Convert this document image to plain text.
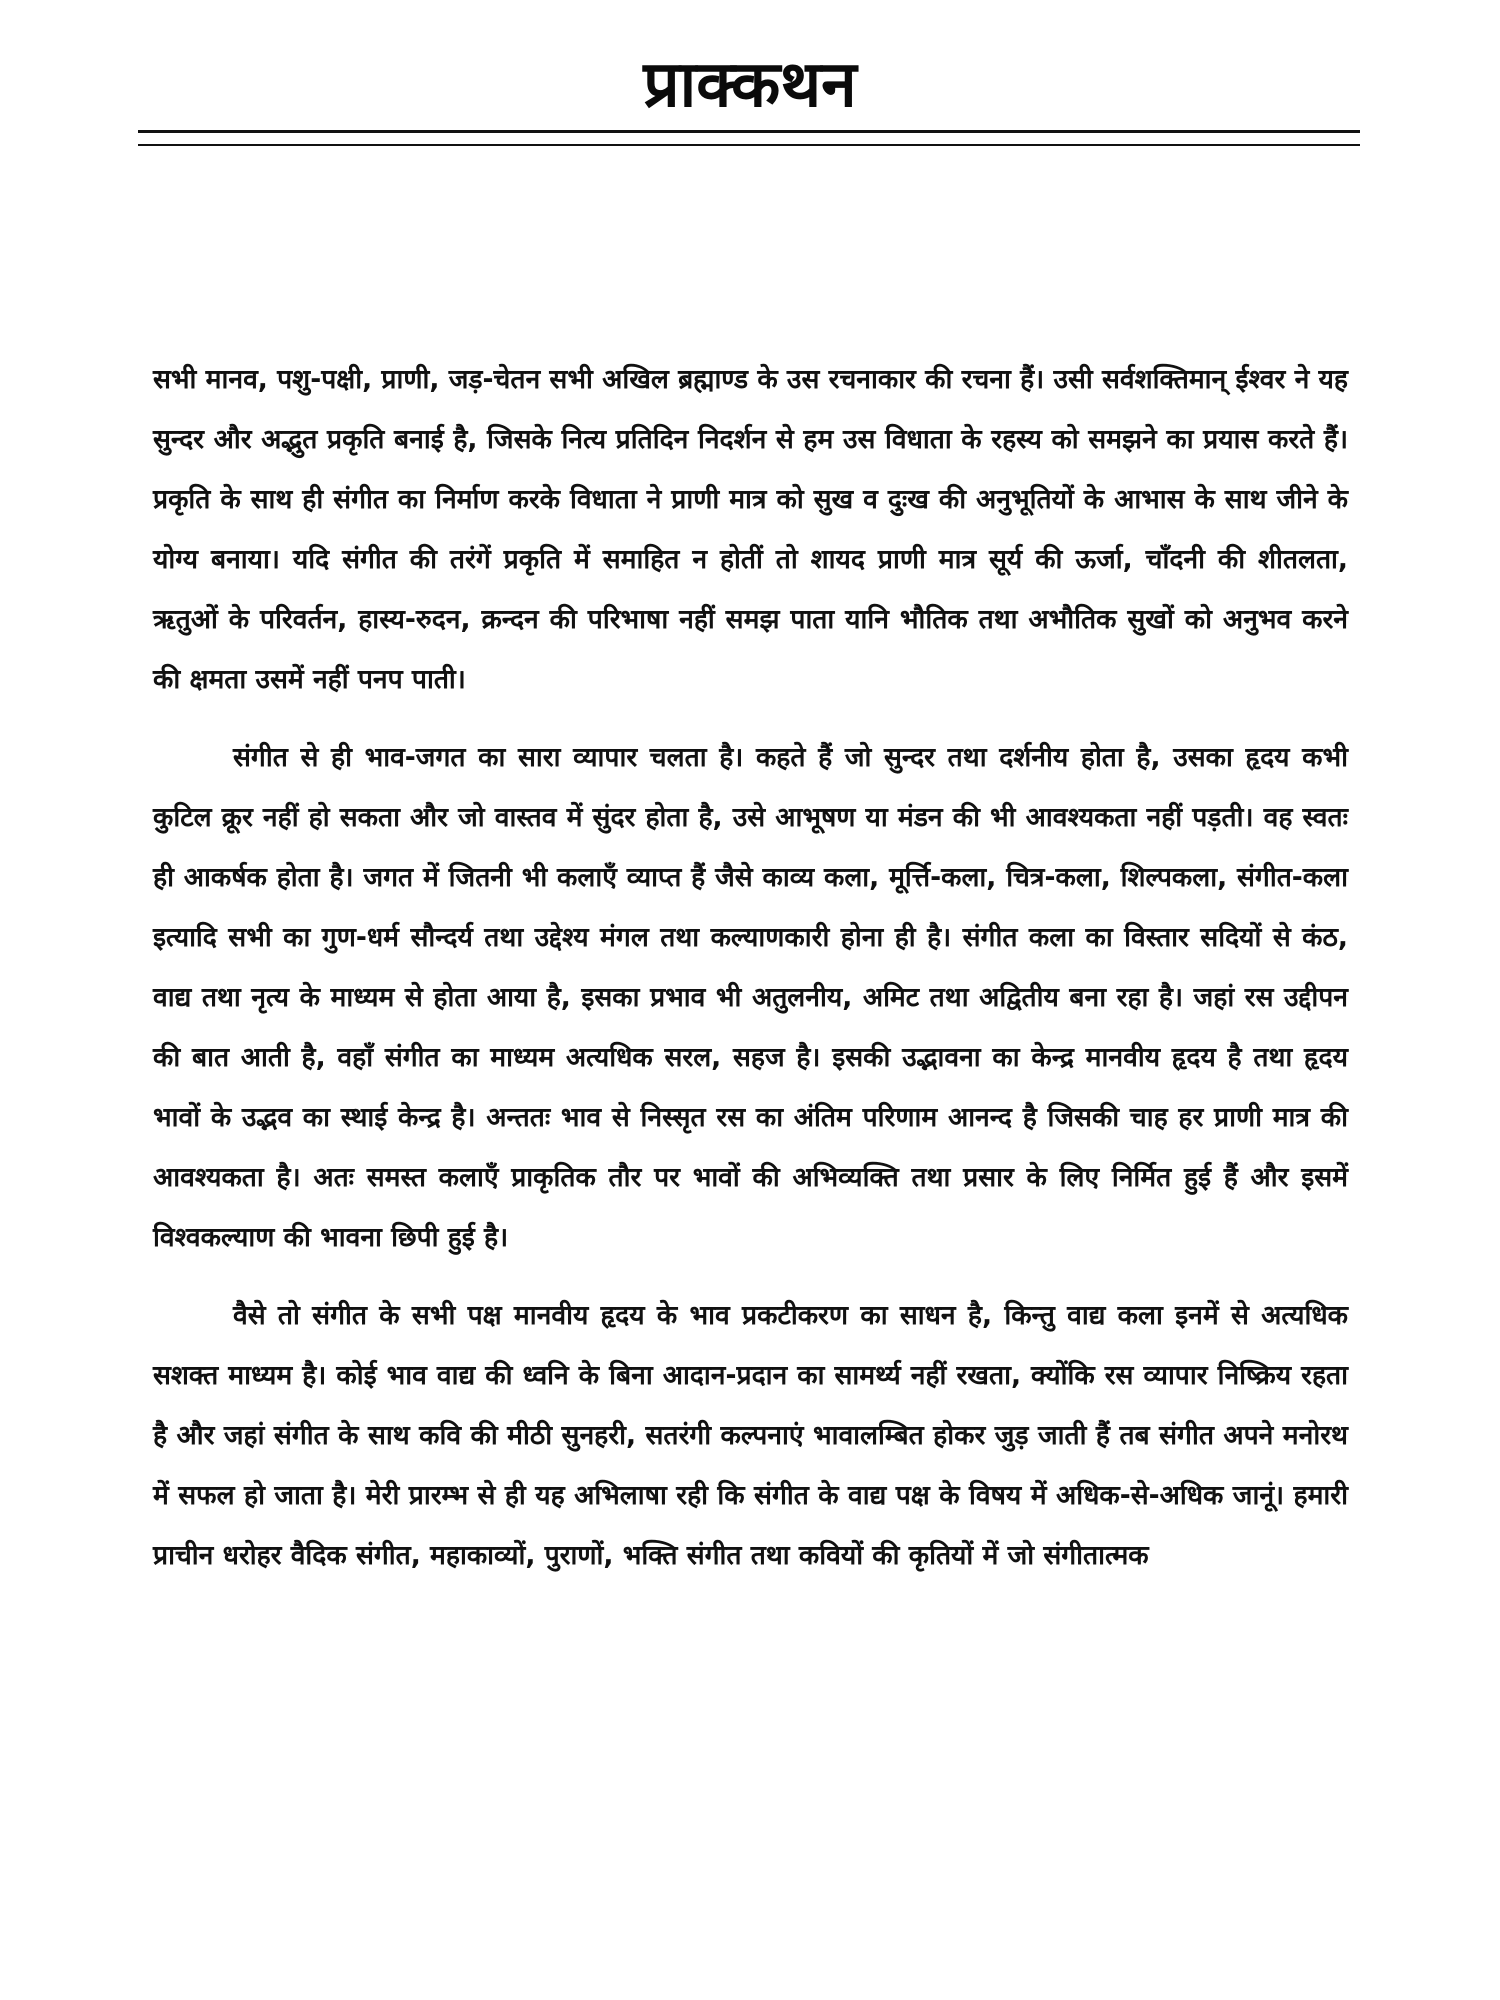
प्राक्कथन

सभी मानव, पशु-पक्षी, प्राणी, जड़-चेतन सभी अखिल ब्रह्माण्ड के उस रचनाकार की रचना हैं। उसी सर्वशक्तिमान् ईश्वर ने यह सुन्दर और अद्भुत प्रकृति बनाई है, जिसके नित्य प्रतिदिन निदर्शन से हम उस विधाता के रहस्य को समझने का प्रयास करते हैं। प्रकृति के साथ ही संगीत का निर्माण करके विधाता ने प्राणी मात्र को सुख व दुःख की अनुभूतियों के आभास के साथ जीने के योग्य बनाया। यदि संगीत की तरंगें प्रकृति में समाहित न होतीं तो शायद प्राणी मात्र सूर्य की ऊर्जा, चाँदनी की शीतलता, ऋतुओं के परिवर्तन, हास्य-रुदन, क्रन्दन की परिभाषा नहीं समझ पाता यानि भौतिक तथा अभौतिक सुखों को अनुभव करने की क्षमता उसमें नहीं पनप पाती।

संगीत से ही भाव-जगत का सारा व्यापार चलता है। कहते हैं जो सुन्दर तथा दर्शनीय होता है, उसका हृदय कभी कुटिल क्रूर नहीं हो सकता और जो वास्तव में सुंदर होता है, उसे आभूषण या मंडन की भी आवश्यकता नहीं पड़ती। वह स्वतः ही आकर्षक होता है। जगत में जितनी भी कलाएँ व्याप्त हैं जैसे काव्य कला, मूर्त्ति-कला, चित्र-कला, शिल्पकला, संगीत-कला इत्यादि सभी का गुण-धर्म सौन्दर्य तथा उद्देश्य मंगल तथा कल्याणकारी होना ही है। संगीत कला का विस्तार सदियों से कंठ, वाद्य तथा नृत्य के माध्यम से होता आया है, इसका प्रभाव भी अतुलनीय, अमिट तथा अद्वितीय बना रहा है। जहां रस उद्दीपन की बात आती है, वहाँ संगीत का माध्यम अत्यधिक सरल, सहज है। इसकी उद्भावना का केन्द्र मानवीय हृदय है तथा हृदय भावों के उद्भव का स्थाई केन्द्र है। अन्ततः भाव से निस्सृत रस का अंतिम परिणाम आनन्द है जिसकी चाह हर प्राणी मात्र की आवश्यकता है। अतः समस्त कलाएँ प्राकृतिक तौर पर भावों की अभिव्यक्ति तथा प्रसार के लिए निर्मित हुई हैं और इसमें विश्वकल्याण की भावना छिपी हुई है।

वैसे तो संगीत के सभी पक्ष मानवीय हृदय के भाव प्रकटीकरण का साधन है, किन्तु वाद्य कला इनमें से अत्यधिक सशक्त माध्यम है। कोई भाव वाद्य की ध्वनि के बिना आदान-प्रदान का सामर्थ्य नहीं रखता, क्योंकि रस व्यापार निष्क्रिय रहता है और जहां संगीत के साथ कवि की मीठी सुनहरी, सतरंगी कल्पनाएं भावालम्बित होकर जुड़ जाती हैं तब संगीत अपने मनोरथ में सफल हो जाता है। मेरी प्रारम्भ से ही यह अभिलाषा रही कि संगीत के वाद्य पक्ष के विषय में अधिक-से-अधिक जानूं। हमारी प्राचीन धरोहर वैदिक संगीत, महाकाव्यों, पुराणों, भक्ति संगीत तथा कवियों की कृतियों में जो संगीतात्मक
